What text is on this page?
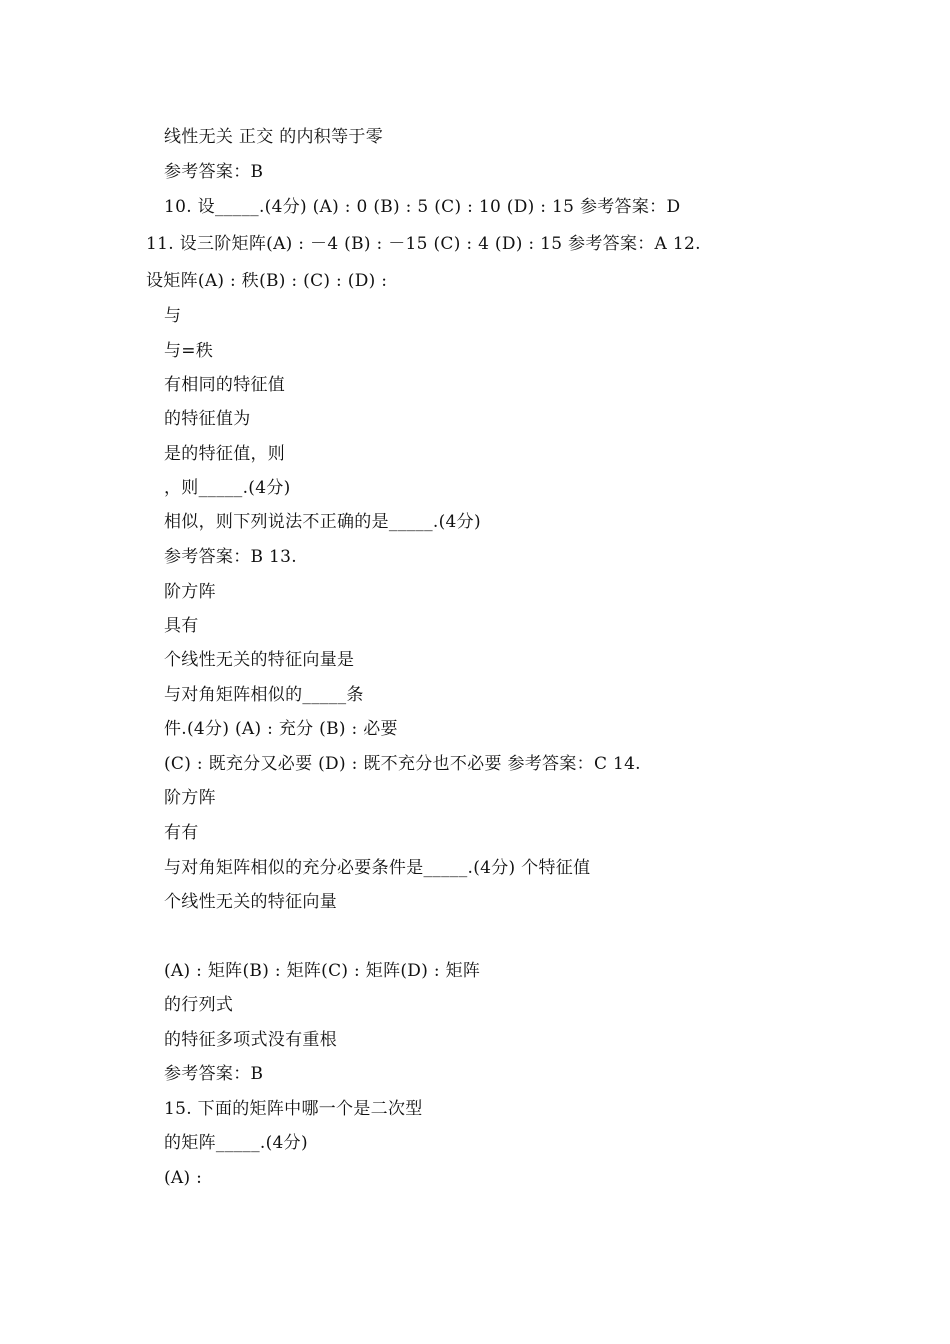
线性无关 正交 的内积等于零
参考答案：B
10. 设_____.(4分) (A) : 0 (B) : 5 (C) : 10 (D) : 15 参考答案：D
11. 设三阶矩阵(A) : －4 (B) : －15 (C) : 4 (D) : 15 参考答案：A 12.
设矩阵(A) : 秩(B) : (C) : (D) :
与
与=秩
有相同的特征值
的特征值为
是的特征值，则
，则_____.(4分)
相似，则下列说法不正确的是_____.(4分)
参考答案：B 13.
阶方阵
具有
个线性无关的特征向量是
与对角矩阵相似的_____条
件.(4分) (A) : 充分 (B) : 必要
(C) : 既充分又必要 (D) : 既不充分也不必要 参考答案：C 14.
阶方阵
有有
与对角矩阵相似的充分必要条件是_____.(4分) 个特征值
个线性无关的特征向量
(A) : 矩阵(B) : 矩阵(C) : 矩阵(D) : 矩阵
的行列式
的特征多项式没有重根
参考答案：B
15. 下面的矩阵中哪一个是二次型
的矩阵_____.(4分)
(A) :
